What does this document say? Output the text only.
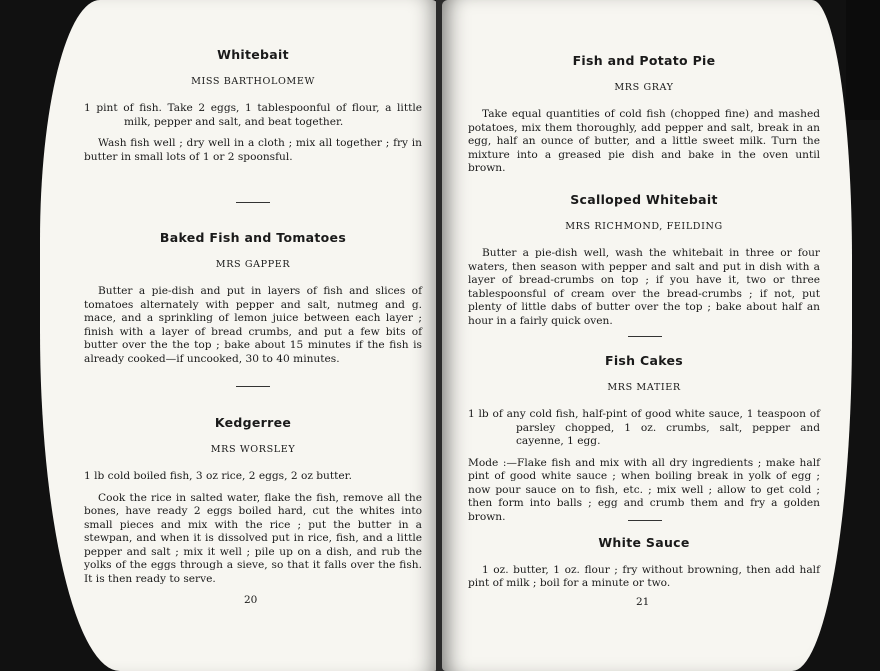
Whitebait
MISS BARTHOLOMEW

1 pint of fish. Take 2 eggs, 1 tablespoonful of flour, a little milk, pepper and salt, and beat together.

Wash fish well ; dry well in a cloth ; mix all together ; fry in butter in small lots of 1 or 2 spoonsful.

Baked Fish and Tomatoes
MRS GAPPER

Butter a pie-dish and put in layers of fish and slices of tomatoes alternately with pepper and salt, nutmeg and g. mace, and a sprinkling of lemon juice between each layer ; finish with a layer of bread crumbs, and put a few bits of butter over the the top ; bake about 15 minutes if the fish is already cooked—if uncooked, 30 to 40 minutes.

Kedgerree
MRS WORSLEY

1 lb cold boiled fish, 3 oz rice, 2 eggs, 2 oz butter.

Cook the rice in salted water, flake the fish, remove all the bones, have ready 2 eggs boiled hard, cut the whites into small pieces and mix with the rice ; put the butter in a stewpan, and when it is dissolved put in rice, fish, and a little pepper and salt ; mix it well ; pile up on a dish, and rub the yolks of the eggs through a sieve, so that it falls over the fish. It is then ready to serve.

20
Fish and Potato Pie
MRS GRAY

Take equal quantities of cold fish (chopped fine) and mashed potatoes, mix them thoroughly, add pepper and salt, break in an egg, half an ounce of butter, and a little sweet milk. Turn the mixture into a greased pie dish and bake in the oven until brown.

Scalloped Whitebait
MRS RICHMOND, FEILDING

Butter a pie-dish well, wash the whitebait in three or four waters, then season with pepper and salt and put in dish with a layer of bread-crumbs on top ; if you have it, two or three tablespoonsful of cream over the bread-crumbs ; if not, put plenty of little dabs of butter over the top ; bake about half an hour in a fairly quick oven.

Fish Cakes
MRS MATIER

1 lb of any cold fish, half-pint of good white sauce, 1 teaspoon of parsley chopped, 1 oz. crumbs, salt, pepper and cayenne, 1 egg.

Mode :—Flake fish and mix with all dry ingredients ; make half pint of good white sauce ; when boiling break in yolk of egg ; now pour sauce on to fish, etc. ; mix well ; allow to get cold ; then form into balls ; egg and crumb them and fry a golden brown.

White Sauce

1 oz. butter, 1 oz. flour ; fry without browning, then add half pint of milk ; boil for a minute or two.

21
